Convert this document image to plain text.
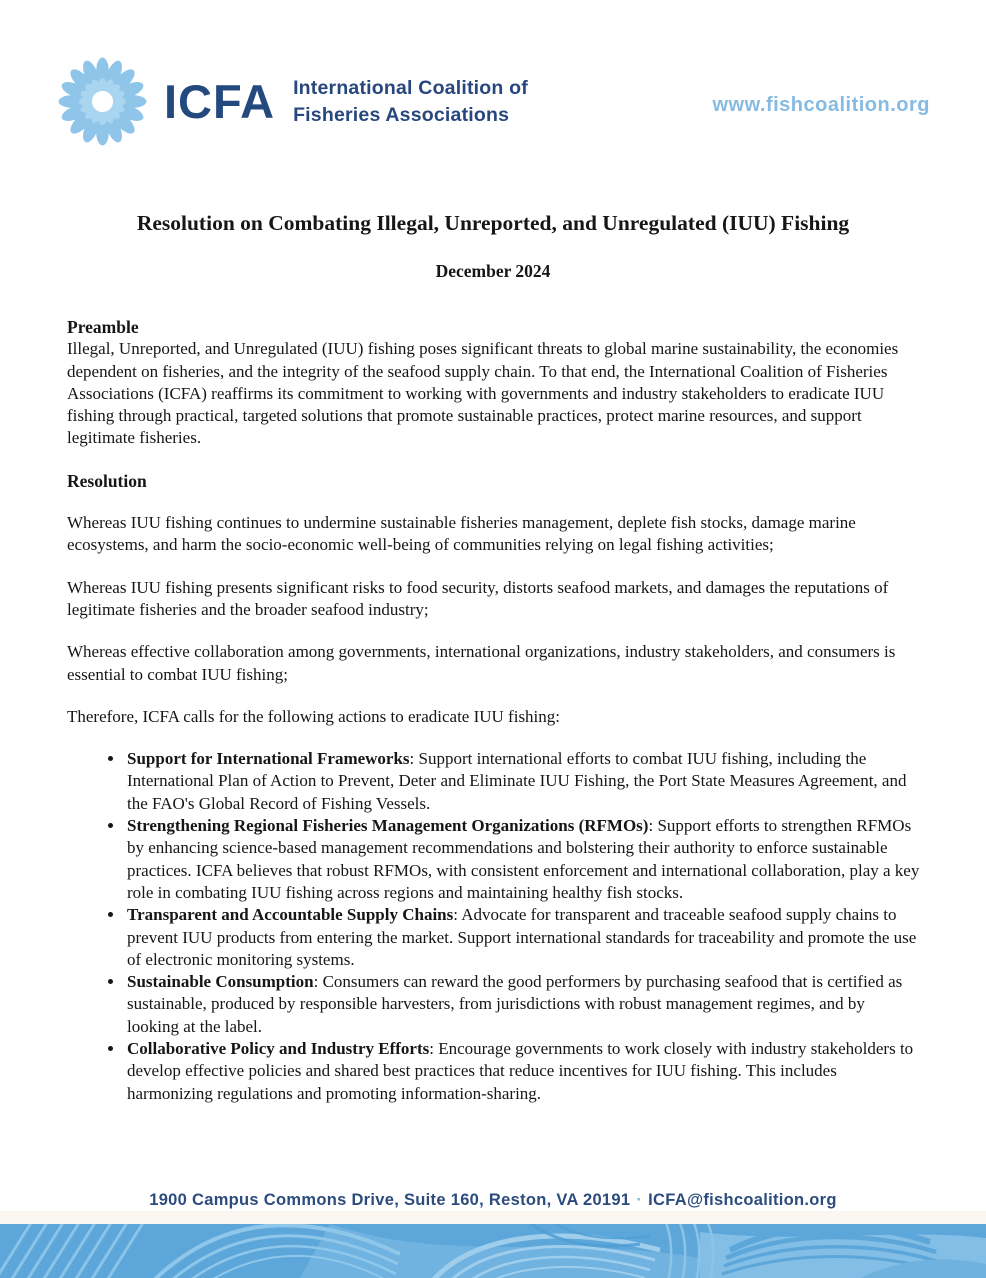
ICFA International Coalition of
Fisheries Associations	www.fishcoalition.org
Resolution on Combating Illegal, Unreported, and Unregulated (IUU) Fishing
December 2024
Preamble

Illegal, Unreported, and Unregulated (IUU) fishing poses significant threats to global marine sustainability, the economies dependent on fisheries, and the integrity of the seafood supply chain. To that end, the International Coalition of Fisheries Associations (ICFA) reaffirms its commitment to working with governments and industry stakeholders to eradicate IUU fishing through practical, targeted solutions that promote sustainable practices, protect marine resources, and support legitimate fisheries.

Resolution

Whereas IUU fishing continues to undermine sustainable fisheries management, deplete fish stocks, damage marine ecosystems, and harm the socio-economic well-being of communities relying on legal fishing activities;

Whereas IUU fishing presents significant risks to food security, distorts seafood markets, and damages the reputations of legitimate fisheries and the broader seafood industry;

Whereas effective collaboration among governments, international organizations, industry stakeholders, and consumers is essential to combat IUU fishing;

Therefore, ICFA calls for the following actions to eradicate IUU fishing:

• Support for International Frameworks: Support international efforts to combat IUU fishing, including the International Plan of Action to Prevent, Deter and Eliminate IUU Fishing, the Port State Measures Agreement, and the FAO's Global Record of Fishing Vessels.
• Strengthening Regional Fisheries Management Organizations (RFMOs): Support efforts to strengthen RFMOs by enhancing science-based management recommendations and bolstering their authority to enforce sustainable practices. ICFA believes that robust RFMOs, with consistent enforcement and international collaboration, play a key role in combating IUU fishing across regions and maintaining healthy fish stocks.
• Transparent and Accountable Supply Chains: Advocate for transparent and traceable seafood supply chains to prevent IUU products from entering the market. Support international standards for traceability and promote the use of electronic monitoring systems.
• Sustainable Consumption: Consumers can reward the good performers by purchasing seafood that is certified as sustainable, produced by responsible harvesters, from jurisdictions with robust management regimes, and by looking at the label.
• Collaborative Policy and Industry Efforts: Encourage governments to work closely with industry stakeholders to develop effective policies and shared best practices that reduce incentives for IUU fishing. This includes harmonizing regulations and promoting information-sharing.
1900 Campus Commons Drive, Suite 160, Reston, VA 20191 · ICFA@fishcoalition.org
